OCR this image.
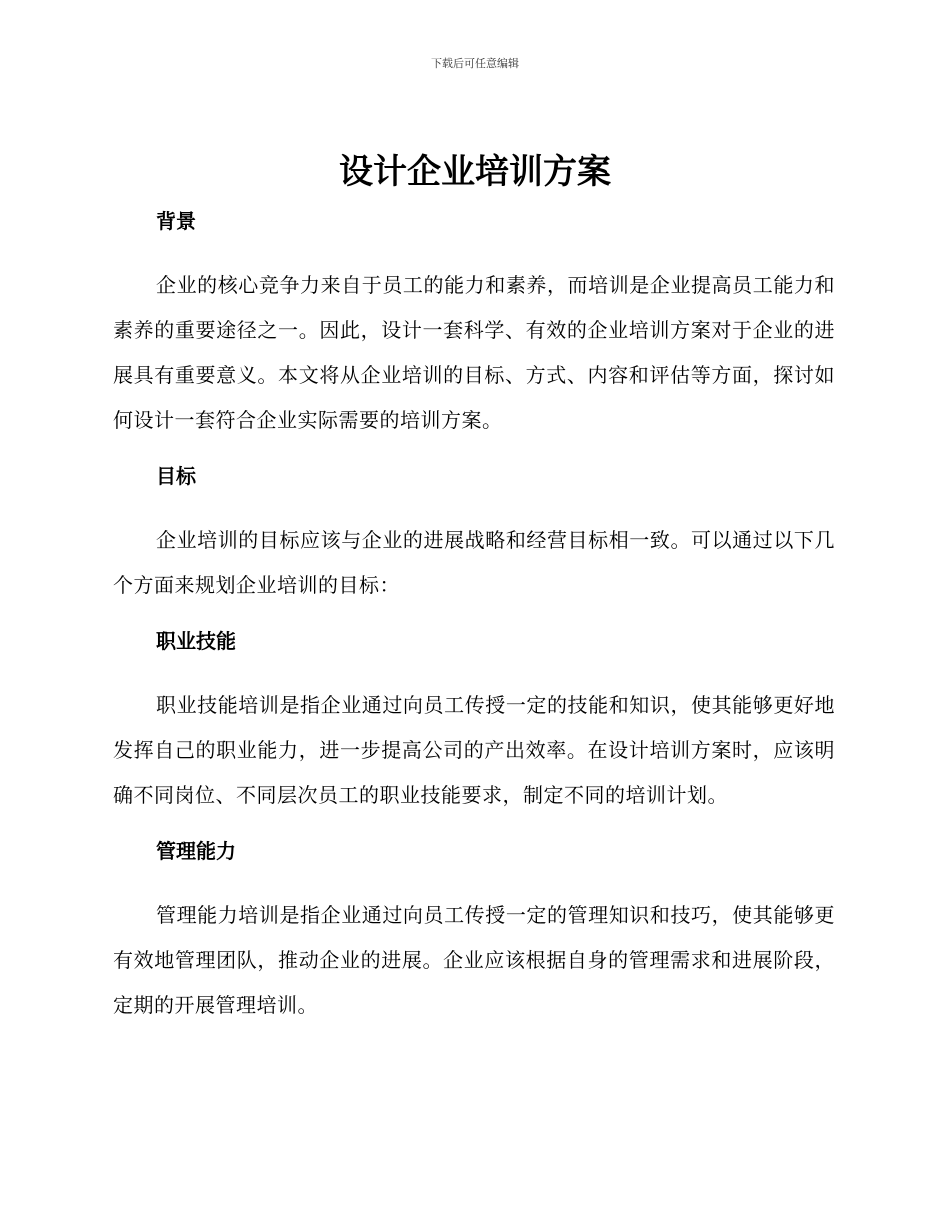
下载后可任意编辑
设计企业培训方案

背景

企业的核心竞争力来自于员工的能力和素养，而培训是企业提高员工能力和素养的重要途径之一。因此，设计一套科学、有效的企业培训方案对于企业的进展具有重要意义。本文将从企业培训的目标、方式、内容和评估等方面，探讨如何设计一套符合企业实际需要的培训方案。

目标

企业培训的目标应该与企业的进展战略和经营目标相一致。可以通过以下几个方面来规划企业培训的目标：

职业技能

职业技能培训是指企业通过向员工传授一定的技能和知识，使其能够更好地发挥自己的职业能力，进一步提高公司的产出效率。在设计培训方案时，应该明确不同岗位、不同层次员工的职业技能要求，制定不同的培训计划。

管理能力

管理能力培训是指企业通过向员工传授一定的管理知识和技巧，使其能够更有效地管理团队，推动企业的进展。企业应该根据自身的管理需求和进展阶段，定期的开展管理培训。
